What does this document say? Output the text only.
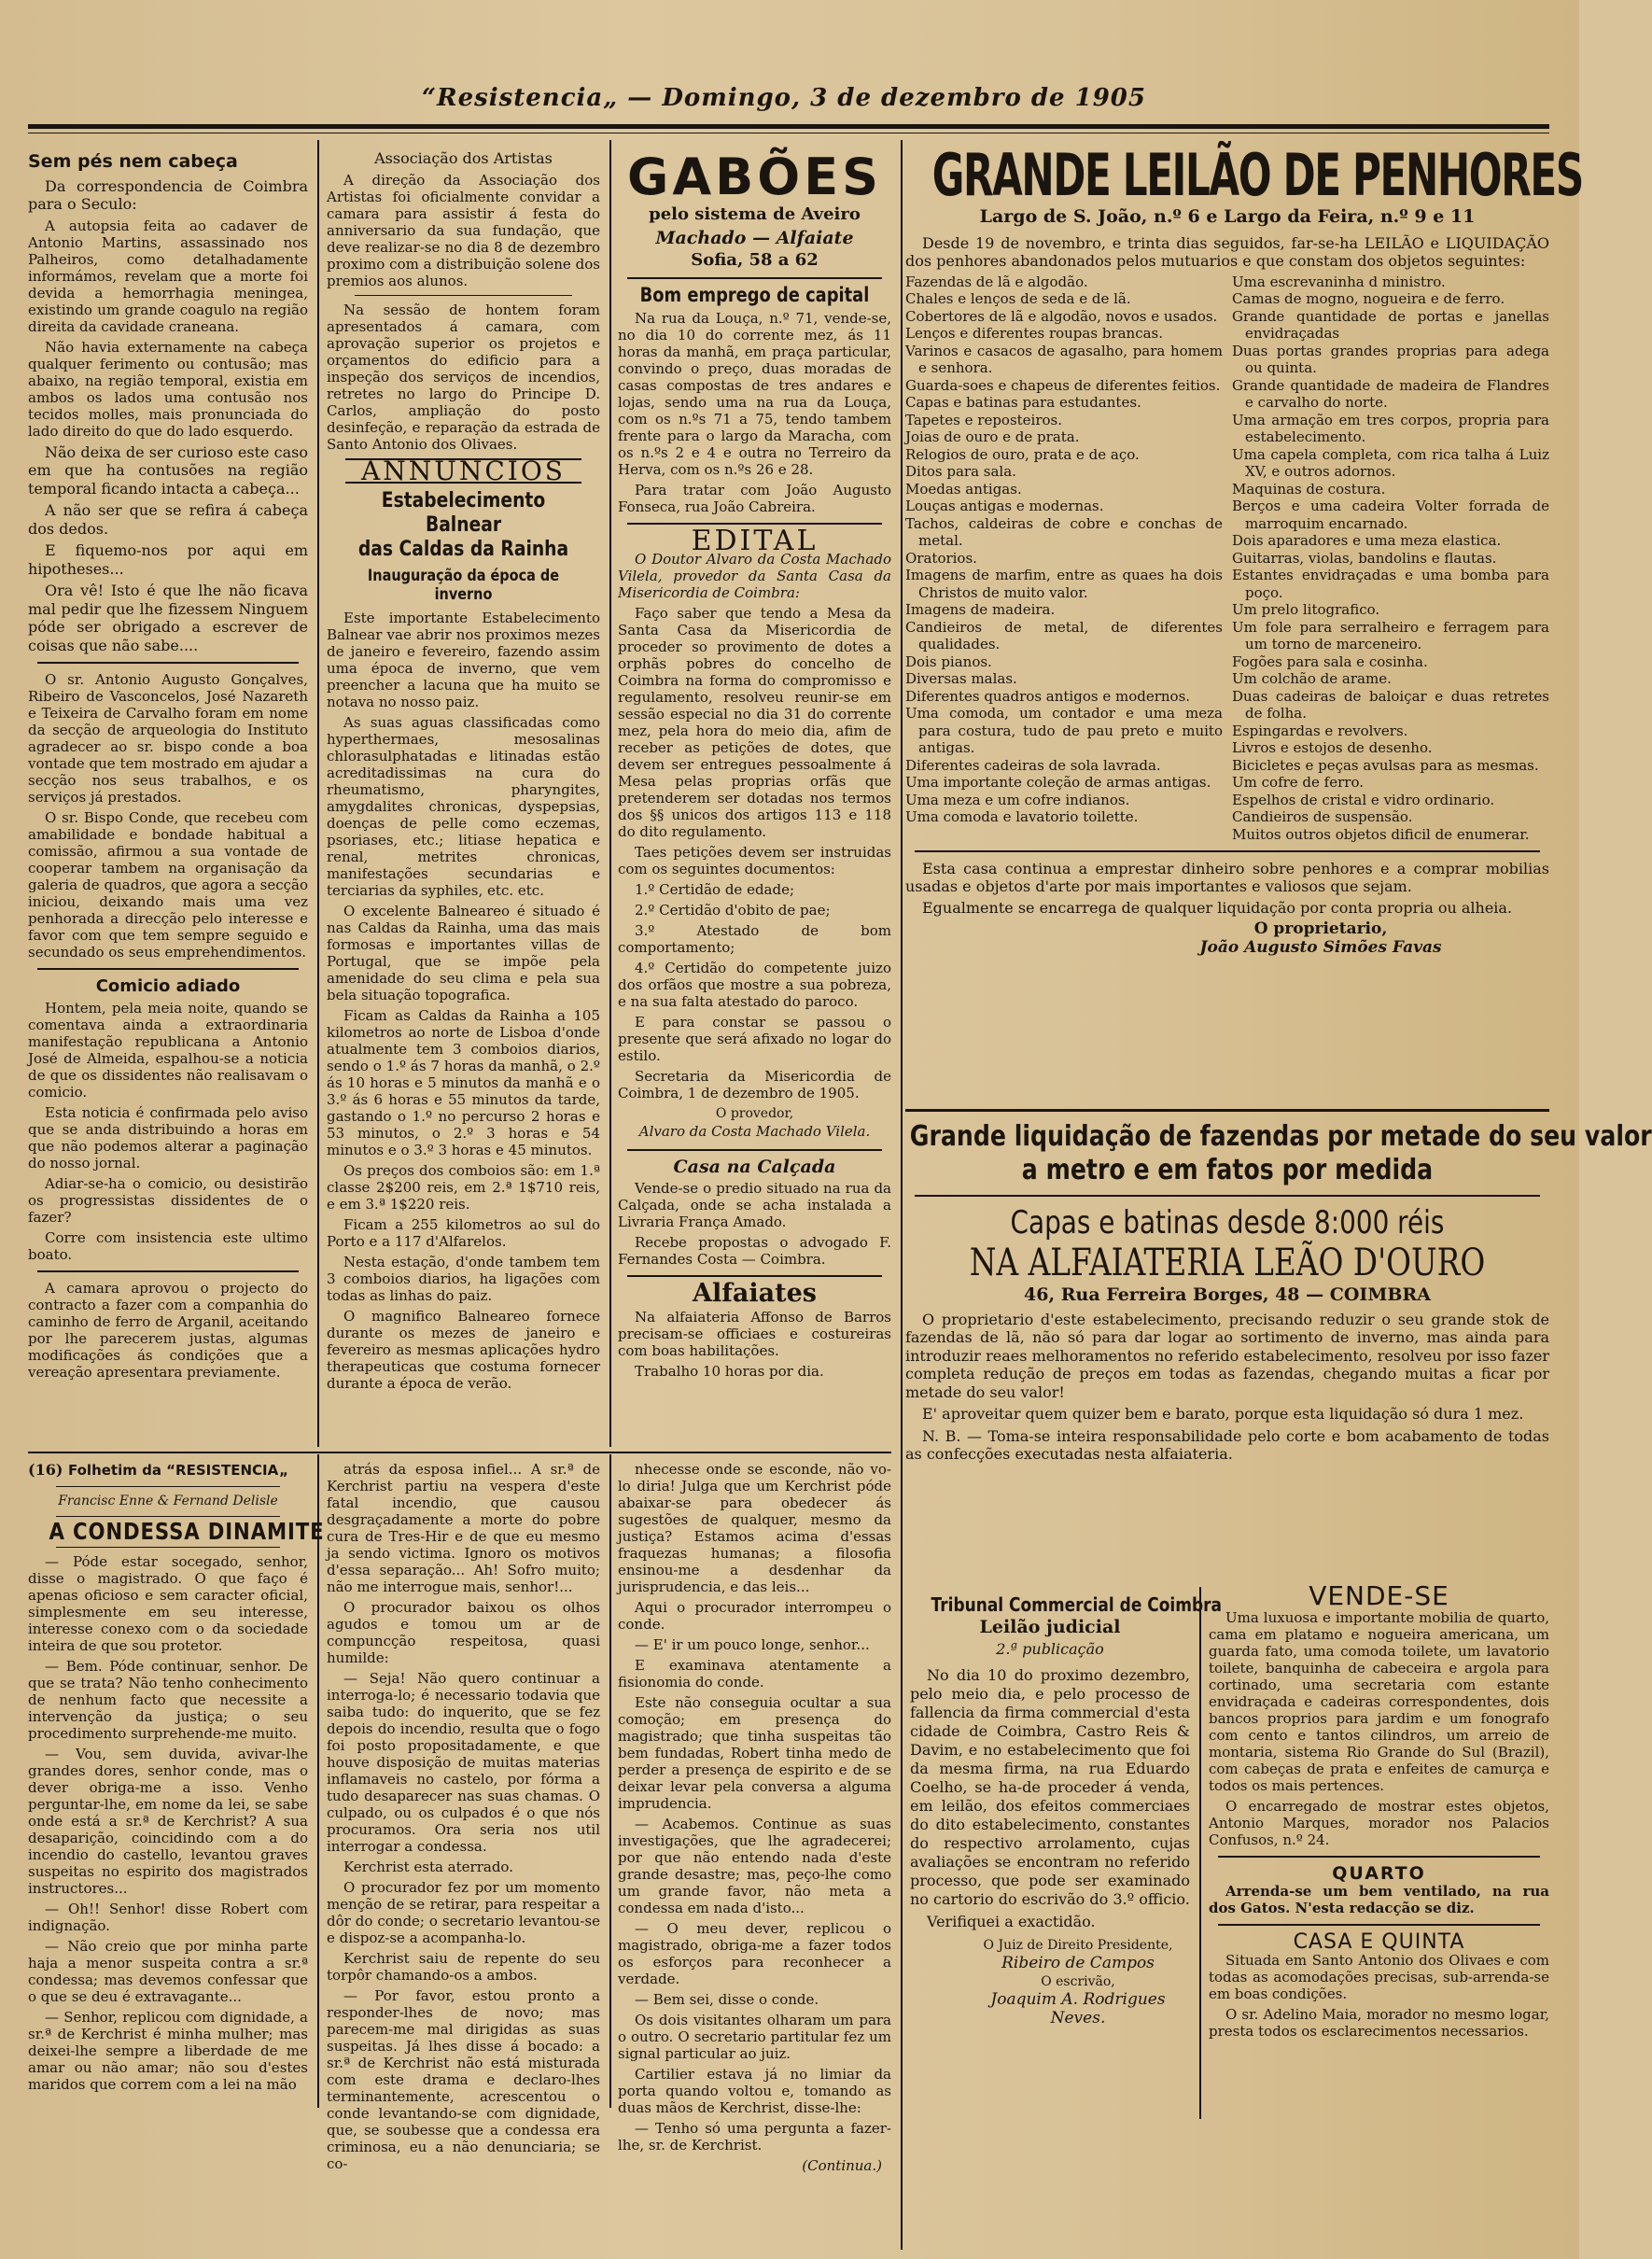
“Resistencia„ — Domingo, 3 de dezembro de 1905
Sem pés nem cabeça

Da correspondencia de Coimbra para o Seculo:

A autopsia feita ao cadaver de Antonio Martins, assassinado nos Palheiros, como detalhadamente informámos, revelam que a morte foi devida a hemorrhagia meningea, existindo um grande coagulo na região direita da cavidade craneana.

Não havia externamente na cabeça qualquer ferimento ou contusão; mas abaixo, na região temporal, existia em ambos os lados uma contusão nos tecidos molles, mais pronunciada do lado direito do que do lado esquerdo.

Não deixa de ser curioso este caso em que ha contusões na região temporal ficando intacta a cabeça...

A não ser que se refira á cabeça dos dedos.

E fiquemo-nos por aqui em hipotheses...

Ora vê! Isto é que lhe não ficava mal pedir que lhe fizessem Ninguem póde ser obrigado a escrever de coisas que não sabe....

O sr. Antonio Augusto Gonçalves, Ribeiro de Vasconcelos, José Nazareth e Teixeira de Carvalho foram em nome da secção de arqueologia do Instituto agradecer ao sr. bispo conde a boa vontade que tem mostrado em ajudar a secção nos seus trabalhos, e os serviços já prestados.

O sr. Bispo Conde, que recebeu com amabilidade e bondade habitual a comissão, afirmou a sua vontade de cooperar tambem na organisação da galeria de quadros, que agora a secção iniciou, deixando mais uma vez penhorada a direcção pelo interesse e favor com que tem sempre seguido e secundado os seus emprehendimentos.

Comicio adiado

Hontem, pela meia noite, quando se comentava ainda a extraordinaria manifestação republicana a Antonio José de Almeida, espalhou-se a noticia de que os dissidentes não realisavam o comicio.

Esta noticia é confirmada pelo aviso que se anda distribuindo a horas em que não podemos alterar a paginação do nosso jornal.

Adiar-se-ha o comicio, ou desistirão os progressistas dissidentes de o fazer?

Corre com insistencia este ultimo boato.

A camara aprovou o projecto do contracto a fazer com a companhia do caminho de ferro de Arganil, aceitando por lhe parecerem justas, algumas modificações ás condições que a vereação apresentara previamente.

Associação dos Artistas

A direção da Associação dos Artistas foi oficialmente convidar a camara para assistir á festa do anniversario da sua fundação, que deve realizar-se no dia 8 de dezembro proximo com a distribuição solene dos premios aos alunos.

Na sessão de hontem foram apresentados á camara, com aprovação superior os projetos e orçamentos do edificio para a inspeção dos serviços de incendios, retretes no largo do Principe D. Carlos, ampliação do posto desinfeção, e reparação da estrada de Santo Antonio dos Olivaes.

ANNUNCIOS
Estabelecimento Balnear
das Caldas da Rainha
Inauguração da época de inverno

Este importante Estabelecimento Balnear vae abrir nos proximos mezes de janeiro e fevereiro, fazendo assim uma época de inverno, que vem preencher a lacuna que ha muito se notava no nosso paiz.

As suas aguas classificadas como hyperthermaes, mesosalinas chlorasulphatadas e litinadas estão acreditadissimas na cura do rheumatismo, pharyngites, amygdalites chronicas, dyspepsias, doenças de pelle como eczemas, psoriases, etc.; litiase hepatica e renal, metrites chronicas, manifestações secundarias e terciarias da syphiles, etc. etc.

O excelente Balneareo é situado é nas Caldas da Rainha, uma das mais formosas e importantes villas de Portugal, que se impõe pela amenidade do seu clima e pela sua bela situação topografica.

Ficam as Caldas da Rainha a 105 kilometros ao norte de Lisboa d'onde atualmente tem 3 comboios diarios, sendo o 1.º ás 7 horas da manhã, o 2.º ás 10 horas e 5 minutos da manhã e o 3.º ás 6 horas e 55 minutos da tarde, gastando o 1.º no percurso 2 horas e 53 minutos, o 2.º 3 horas e 54 minutos e o 3.º 3 horas e 45 minutos.

Os preços dos comboios são: em 1.ª classe 2$200 reis, em 2.ª 1$710 reis, e em 3.ª 1$220 reis.

Ficam a 255 kilometros ao sul do Porto e a 117 d'Alfarelos.

Nesta estação, d'onde tambem tem 3 comboios diarios, ha ligações com todas as linhas do paiz.

O magnifico Balneareo fornece durante os mezes de janeiro e fevereiro as mesmas aplicações hydro therapeuticas que costuma fornecer durante a época de verão.

GABÕES
pelo sistema de Aveiro
Machado — Alfaiate
Sofia, 58 a 62
Bom emprego de capital

Na rua da Louça, n.º 71, vende-se, no dia 10 do corrente mez, ás 11 horas da manhã, em praça particular, convindo o preço, duas moradas de casas compostas de tres andares e lojas, sendo uma na rua da Louça, com os n.ºs 71 a 75, tendo tambem frente para o largo da Maracha, com os n.ºs 2 e 4 e outra no Terreiro da Herva, com os n.ºs 26 e 28.

Para tratar com João Augusto Fonseca, rua João Cabreira.

EDITAL

O Doutor Alvaro da Costa Machado Vilela, provedor da Santa Casa da Misericordia de Coimbra:

Faço saber que tendo a Mesa da Santa Casa da Misericordia de proceder so provimento de dotes a orphãs pobres do concelho de Coimbra na forma do compromisso e regulamento, resolveu reunir-se em sessão especial no dia 31 do corrente mez, pela hora do meio dia, afim de receber as petições de dotes, que devem ser entregues pessoalmente á Mesa pelas proprias orfãs que pretenderem ser dotadas nos termos dos §§ unicos dos artigos 113 e 118 do dito regulamento.

Taes petições devem ser instruidas com os seguintes documentos:

1.º Certidão de edade;

2.º Certidão d'obito de pae;

3.º Atestado de bom comportamento;

4.º Certidão do competente juizo dos orfãos que mostre a sua pobreza, e na sua falta atestado do paroco.

E para constar se passou o presente que será afixado no logar do estilo.

Secretaria da Misericordia de Coimbra, 1 de dezembro de 1905.

O provedor,
Alvaro da Costa Machado Vilela.
Casa na Calçada

Vende-se o predio situado na rua da Calçada, onde se acha instalada a Livraria França Amado.

Recebe propostas o advogado F. Fernandes Costa — Coimbra.

Alfaiates

Na alfaiateria Affonso de Barros precisam-se officiaes e costureiras com boas habilitações.

Trabalho 10 horas por dia.

GRANDE LEILÃO DE PENHORES
Largo de S. João, n.º 6 e Largo da Feira, n.º 9 e 11

Desde 19 de novembro, e trinta dias seguidos, far-se-ha LEILÃO e LIQUIDAÇÃO dos penhores abandonados pelos mutuarios e que constam dos objetos seguintes:

Fazendas de lã e algodão.
Chales e lenços de seda e de lã.
Cobertores de lã e algodão, novos e usados.
Lenços e diferentes roupas brancas.
Varinos e casacos de agasalho, para homem e senhora.
Guarda-soes e chapeus de diferentes feitios.
Capas e batinas para estudantes.
Tapetes e reposteiros.
Joias de ouro e de prata.
Relogios de ouro, prata e de aço.
Ditos para sala.
Moedas antigas.
Louças antigas e modernas.
Tachos, caldeiras de cobre e conchas de metal.
Oratorios.
Imagens de marfim, entre as quaes ha dois Christos de muito valor.
Imagens de madeira.
Candieiros de metal, de diferentes qualidades.
Dois pianos.
Diversas malas.
Diferentes quadros antigos e modernos.
Uma comoda, um contador e uma meza para costura, tudo de pau preto e muito antigas.
Diferentes cadeiras de sola lavrada.
Uma importante coleção de armas antigas.
Uma meza e um cofre indianos.
Uma comoda e lavatorio toilette.
Uma escrevaninha d ministro.
Camas de mogno, nogueira e de ferro.
Grande quantidade de portas e janellas envidraçadas
Duas portas grandes proprias para adega ou quinta.
Grande quantidade de madeira de Flandres e carvalho do norte.
Uma armação em tres corpos, propria para estabelecimento.
Uma capela completa, com rica talha á Luiz XV, e outros adornos.
Maquinas de costura.
Berços e uma cadeira Volter forrada de marroquim encarnado.
Dois aparadores e uma meza elastica.
Guitarras, violas, bandolins e flautas.
Estantes envidraçadas e uma bomba para poço.
Um prelo litografico.
Um fole para serralheiro e ferragem para um torno de marceneiro.
Fogões para sala e cosinha.
Um colchão de arame.
Duas cadeiras de baloiçar e duas retretes de folha.
Espingardas e revolvers.
Livros e estojos de desenho.
Bicicletes e peças avulsas para as mesmas.
Um cofre de ferro.
Espelhos de cristal e vidro ordinario.
Candieiros de suspensão.
Muitos outros objetos dificil de enumerar.

Esta casa continua a emprestar dinheiro sobre penhores e a comprar mobilias usadas e objetos d'arte por mais importantes e valiosos que sejam.

Egualmente se encarrega de qualquer liquidação por conta propria ou alheia.

O proprietario,
João Augusto Simões Favas
Grande liquidação de fazendas por metade do seu valor
a metro e em fatos por medida
Capas e batinas desde 8:000 réis
NA ALFAIATERIA LEÃO D'OURO
46, Rua Ferreira Borges, 48 — COIMBRA

O proprietario d'este estabelecimento, precisando reduzir o seu grande stok de fazendas de lã, não só para dar logar ao sortimento de inverno, mas ainda para introduzir reaes melhoramentos no referido estabelecimento, resolveu por isso fazer completa redução de preços em todas as fazendas, chegando muitas a ficar por metade do seu valor!

E' aproveitar quem quizer bem e barato, porque esta liquidação só dura 1 mez.

N. B. — Toma-se inteira responsabilidade pelo corte e bom acabamento de todas as confecções executadas nesta alfaiateria.

Tribunal Commercial de Coimbra
Leilão judicial
2.ª publicação

No dia 10 do proximo dezembro, pelo meio dia, e pelo processo de fallencia da firma commercial d'esta cidade de Coimbra, Castro Reis & Davim, e no estabelecimento que foi da mesma firma, na rua Eduardo Coelho, se ha-de proceder á venda, em leilão, dos efeitos commerciaes do dito estabelecimento, constantes do respectivo arrolamento, cujas avaliações se encontram no referido processo, que pode ser examinado no cartorio do escrivão do 3.º officio.

Verifiquei a exactidão.

O Juiz de Direito Presidente,
Ribeiro de Campos
O escrivão,
Joaquim A. Rodrigues Neves.
VENDE-SE

Uma luxuosa e importante mobilia de quarto, cama em platamo e nogueira americana, um guarda fato, uma comoda toilete, um lavatorio toilete, banquinha de cabeceira e argola para cortinado, uma secretaria com estante envidraçada e cadeiras correspondentes, dois bancos proprios para jardim e um fonografo com cento e tantos cilindros, um arreio de montaria, sistema Rio Grande do Sul (Brazil), com cabeças de prata e enfeites de camurça e todos os mais pertences.

O encarregado de mostrar estes objetos, Antonio Marques, morador nos Palacios Confusos, n.º 24.

QUARTO

Arrenda-se um bem ventilado, na rua dos Gatos. N'esta redacção se diz.

CASA E QUINTA

Situada em Santo Antonio dos Olivaes e com todas as acomodações precisas, sub-arrenda-se em boas condições.

O sr. Adelino Maia, morador no mesmo logar, presta todos os esclarecimentos necessarios.

(16) Folhetim da “RESISTENCIA„
Francisc Enne & Fernand Delisle
A CONDESSA DINAMITE

— Póde estar socegado, senhor, disse o magistrado. O que faço é apenas oficioso e sem caracter oficial, simplesmente em seu interesse, interesse conexo com o da sociedade inteira de que sou protetor.

— Bem. Póde continuar, senhor. De que se trata? Não tenho conhecimento de nenhum facto que necessite a intervenção da justiça; o seu procedimento surprehende-me muito.

— Vou, sem duvida, avivar-lhe grandes dores, senhor conde, mas o dever obriga-me a isso. Venho perguntar-lhe, em nome da lei, se sabe onde está a sr.ª de Kerchrist? A sua desaparição, coincidindo com a do incendio do castello, levantou graves suspeitas no espirito dos magistrados instructores...

— Oh!! Senhor! disse Robert com indignação.

— Não creio que por minha parte haja a menor suspeita contra a sr.ª condessa; mas devemos confessar que o que se deu é extravagante...

— Senhor, replicou com dignidade, a sr.ª de Kerchrist é minha mulher; mas deixei-lhe sempre a liberdade de me amar ou não amar; não sou d'estes maridos que correm com a lei na mão

atrás da esposa infiel... A sr.ª de Kerchrist partiu na vespera d'este fatal incendio, que causou desgraçadamente a morte do pobre cura de Tres-Hir e de que eu mesmo ja sendo victima. Ignoro os motivos d'essa separação... Ah! Sofro muito; não me interrogue mais, senhor!...

O procurador baixou os olhos agudos e tomou um ar de compuncção respeitosa, quasi humilde:

— Seja! Não quero continuar a interroga-lo; é necessario todavia que saiba tudo: do inquerito, que se fez depois do incendio, resulta que o fogo foi posto propositadamente, e que houve disposição de muitas materias inflamaveis no castelo, por fórma a tudo desaparecer nas suas chamas. O culpado, ou os culpados é o que nós procuramos. Ora seria nos util interrogar a condessa.

Kerchrist esta aterrado.

O procurador fez por um momento menção de se retirar, para respeitar a dôr do conde; o secretario levantou-se e dispoz-se a acompanha-lo.

Kerchrist saiu de repente do seu torpôr chamando-os a ambos.

— Por favor, estou pronto a responder-lhes de novo; mas parecem-me mal dirigidas as suas suspeitas. Já lhes disse á bocado: a sr.ª de Kerchrist não está misturada com este drama e declaro-lhes terminantemente, acrescentou o conde levantando-se com dignidade, que, se soubesse que a condessa era criminosa, eu a não denunciaria; se co-

nhecesse onde se esconde, não vo-lo diria! Julga que um Kerchrist póde abaixar-se para obedecer ás sugestões de qualquer, mesmo da justiça? Estamos acima d'essas fraquezas humanas; a filosofia ensinou-me a desdenhar da jurisprudencia, e das leis...

Aqui o procurador interrompeu o conde.

— E' ir um pouco longe, senhor...

E examinava atentamente a fisionomia do conde.

Este não conseguia ocultar a sua comoção; em presença do magistrado; que tinha suspeitas tão bem fundadas, Robert tinha medo de perder a presença de espirito e de se deixar levar pela conversa a alguma imprudencia.

— Acabemos. Continue as suas investigações, que lhe agradecerei; por que não entendo nada d'este grande desastre; mas, peço-lhe como um grande favor, não meta a condessa em nada d'isto...

— O meu dever, replicou o magistrado, obriga-me a fazer todos os esforços para reconhecer a verdade.

— Bem sei, disse o conde.

Os dois visitantes olharam um para o outro. O secretario partitular fez um signal particular ao juiz.

Cartilier estava já no limiar da porta quando voltou e, tomando as duas mãos de Kerchrist, disse-lhe:

— Tenho só uma pergunta a fazer-lhe, sr. de Kerchrist.

(Continua.)
